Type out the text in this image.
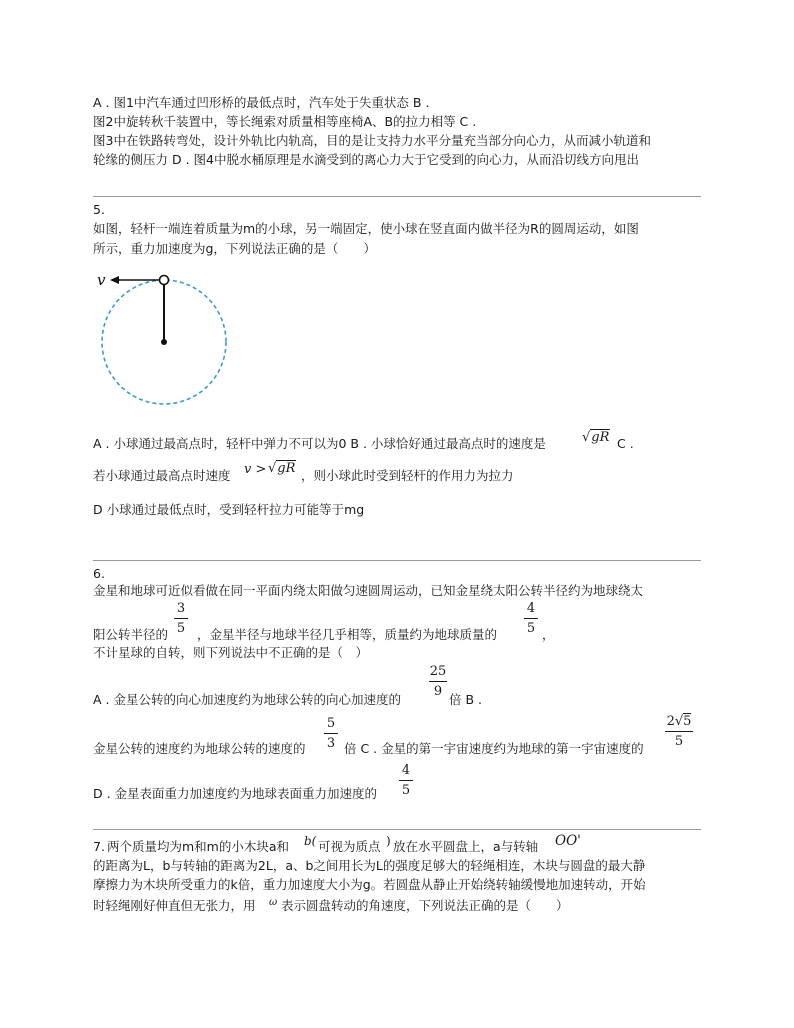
A . 图1中汽车通过凹形桥的最低点时，汽车处于失重状态 B .
图2中旋转秋千装置中，等长绳索对质量相等座椅A、B的拉力相等 C .
图3中在铁路转弯处，设计外轨比内轨高，目的是让支持力水平分量充当部分向心力，从而减小轨道和
轮缘的侧压力 D . 图4中脱水桶原理是水滴受到的离心力大于它受到的向心力，从而沿切线方向甩出
5.
如图，轻杆一端连着质量为m的小球，另一端固定，使小球在竖直面内做半径为R的圆周运动，如图
所示，重力加速度为g，下列说法正确的是（　　）
v
A . 小球通过最高点时，轻杆中弹力不可以为0 B . 小球恰好通过最高点时的速度是	√gR C .
若小球通过最高点时速度 v > √gR ，则小球此时受到轻杆的作用力为拉力
D 小球通过最低点时，受到轻杆拉力可能等于mg
6.
金星和地球可近似看做在同一平面内绕太阳做匀速圆周运动，已知金星绕太阳公转半径约为地球绕太
阳公转半径的
3
5 ，金星半径与地球半径几乎相等，质量约为地球质量的
4
5 ，
不计星球的自转，则下列说法中不正确的是（　）
25
9
A . 金星公转的向心加速度约为地球公转的向心加速度的	倍 B .
5
3
金星公转的速度约为地球公转的速度的	倍 C . 金星的第一宇宙速度约为地球的第一宇宙速度的
2√5
5
4
5
D . 金星表面重力加速度约为地球表面重力加速度的
7. 两个质量均为m和m的小木块a和 b( 可视为质点 ) 放在水平圆盘上，a与转轴 OO'
的距离为L，b与转轴的距离为2L，a、b之间用长为L的强度足够大的轻绳相连，木块与圆盘的最大静
摩擦力为木块所受重力的k倍，重力加速度大小为g。若圆盘从静止开始绕转轴缓慢地加速转动，开始
时轻绳刚好伸直但无张力，用 ω 表示圆盘转动的角速度，下列说法正确的是（　　）
